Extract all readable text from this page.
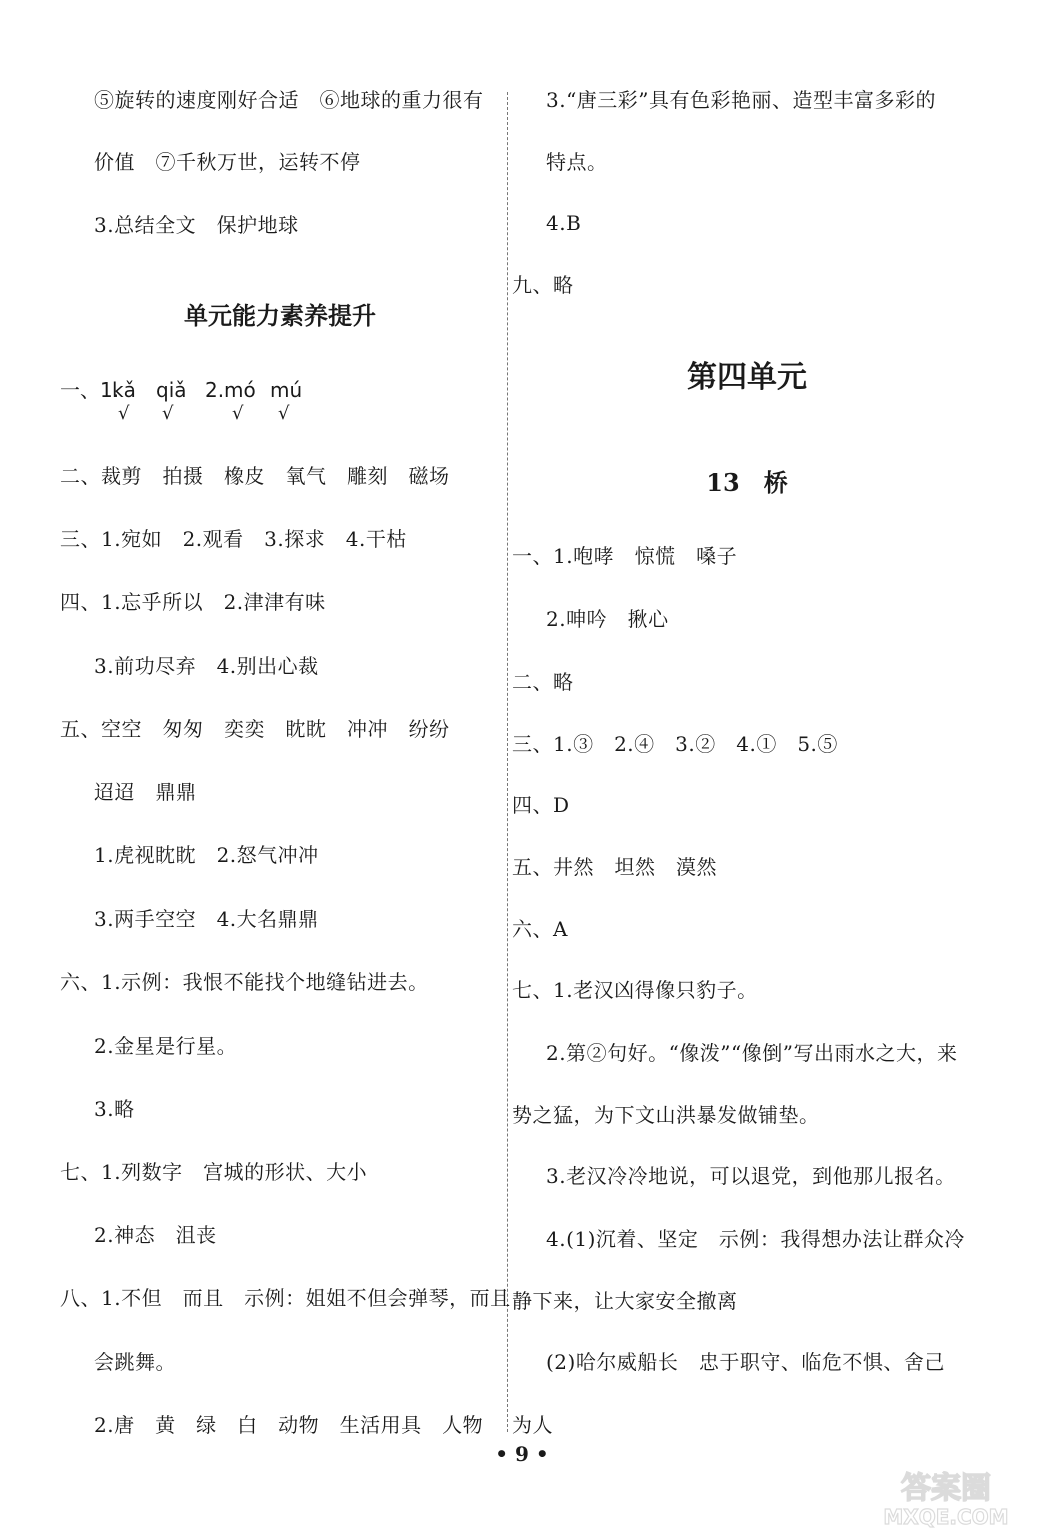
⑤旋转的速度刚好合适　⑥地球的重力很有
价值　⑦千秋万世，运转不停
3.总结全文　保护地球
单元能力素养提升
一、1.
kǎ qiǎ 2. mó mú
√ √	√ √
二、裁剪　拍摄　橡皮　氧气　雕刻　磁场
三、1.宛如　2.观看　3.探求　4.干枯
四、1.忘乎所以　2.津津有味
3.前功尽弃　4.别出心裁
五、空空　匆匆　奕奕　眈眈　冲冲　纷纷
迢迢　鼎鼎
1.虎视眈眈　2.怒气冲冲
3.两手空空　4.大名鼎鼎
六、1.示例：我恨不能找个地缝钻进去。
2.金星是行星。
3.略
七、1.列数字　宫城的形状、大小
2.神态　沮丧
八、1.不但　而且　示例：姐姐不但会弹琴，而且
会跳舞。
2.唐　黄　绿　白　动物　生活用具　人物
3.“唐三彩”具有色彩艳丽、造型丰富多彩的
特点。
4.B
九、略
第四单元
13　桥
一、1.咆哮　惊慌　嗓子
2.呻吟　揪心
二、略
三、1.③　2.④　3.②　4.①　5.⑤
四、D
五、井然　坦然　漠然
六、A
七、1.老汉凶得像只豹子。
2.第②句好。“像泼”“像倒”写出雨水之大，来
势之猛，为下文山洪暴发做铺垫。
3.老汉冷冷地说，可以退党，到他那儿报名。
4.(1)沉着、坚定　示例：我得想办法让群众冷
静下来，让大家安全撤离
(2)哈尔威船长　忠于职守、临危不惧、舍己
为人
• 9 •
答案圈
MXQE.COM
